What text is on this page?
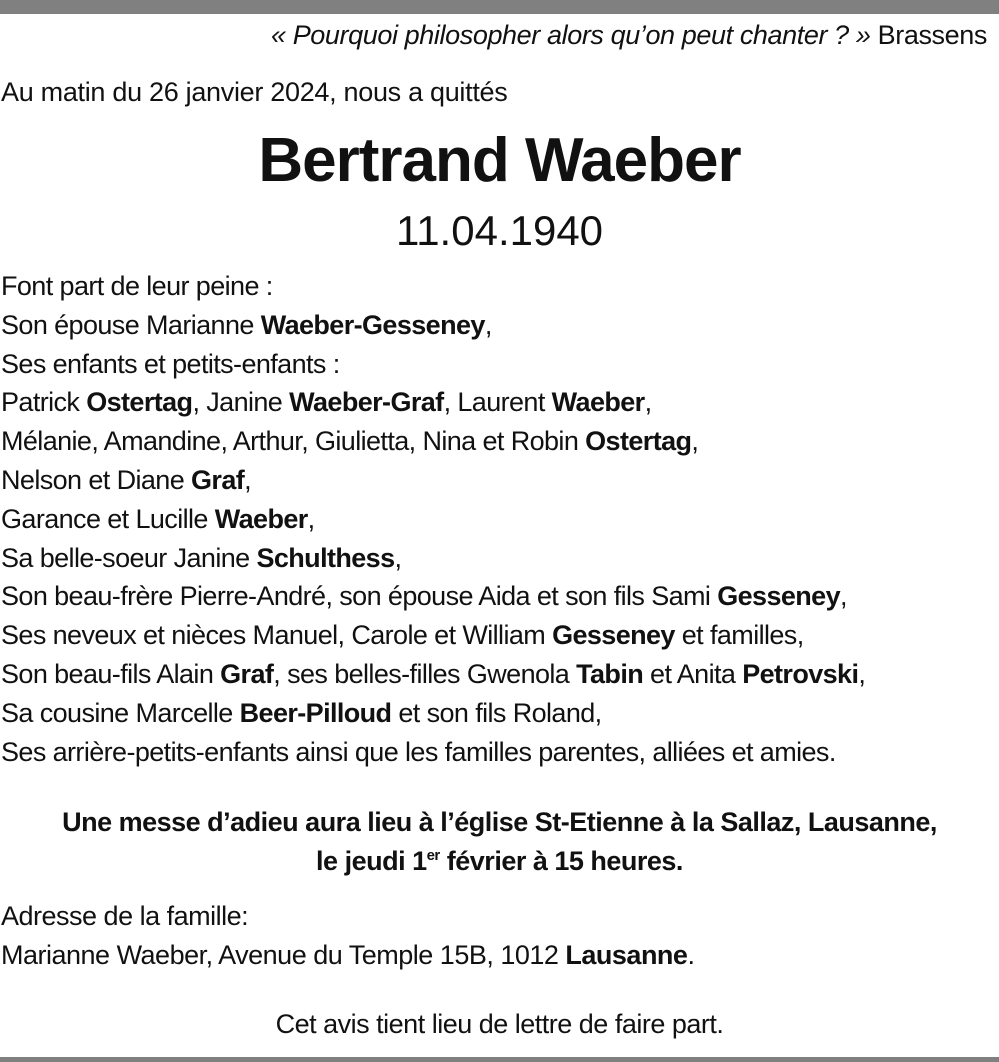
« Pourquoi philosopher alors qu’on peut chanter ? » Brassens
Au matin du 26 janvier 2024, nous a quittés
Bertrand Waeber
11.04.1940
Font part de leur peine :
Son épouse Marianne Waeber-Gesseney,
Ses enfants et petits-enfants :
Patrick Ostertag, Janine Waeber-Graf, Laurent Waeber,
Mélanie, Amandine, Arthur, Giulietta, Nina et Robin Ostertag,
Nelson et Diane Graf,
Garance et Lucille Waeber,
Sa belle-soeur Janine Schulthess,
Son beau-frère Pierre-André, son épouse Aida et son fils Sami Gesseney,
Ses neveux et nièces Manuel, Carole et William Gesseney et familles,
Son beau-fils Alain Graf, ses belles-filles Gwenola Tabin et Anita Petrovski,
Sa cousine Marcelle Beer-Pilloud et son fils Roland,
Ses arrière-petits-enfants ainsi que les familles parentes, alliées et amies.
Une messe d’adieu aura lieu à l’église St-Etienne à la Sallaz, Lausanne,
le jeudi 1er février à 15 heures.
Adresse de la famille:
Marianne Waeber, Avenue du Temple 15B, 1012 Lausanne.
Cet avis tient lieu de lettre de faire part.
